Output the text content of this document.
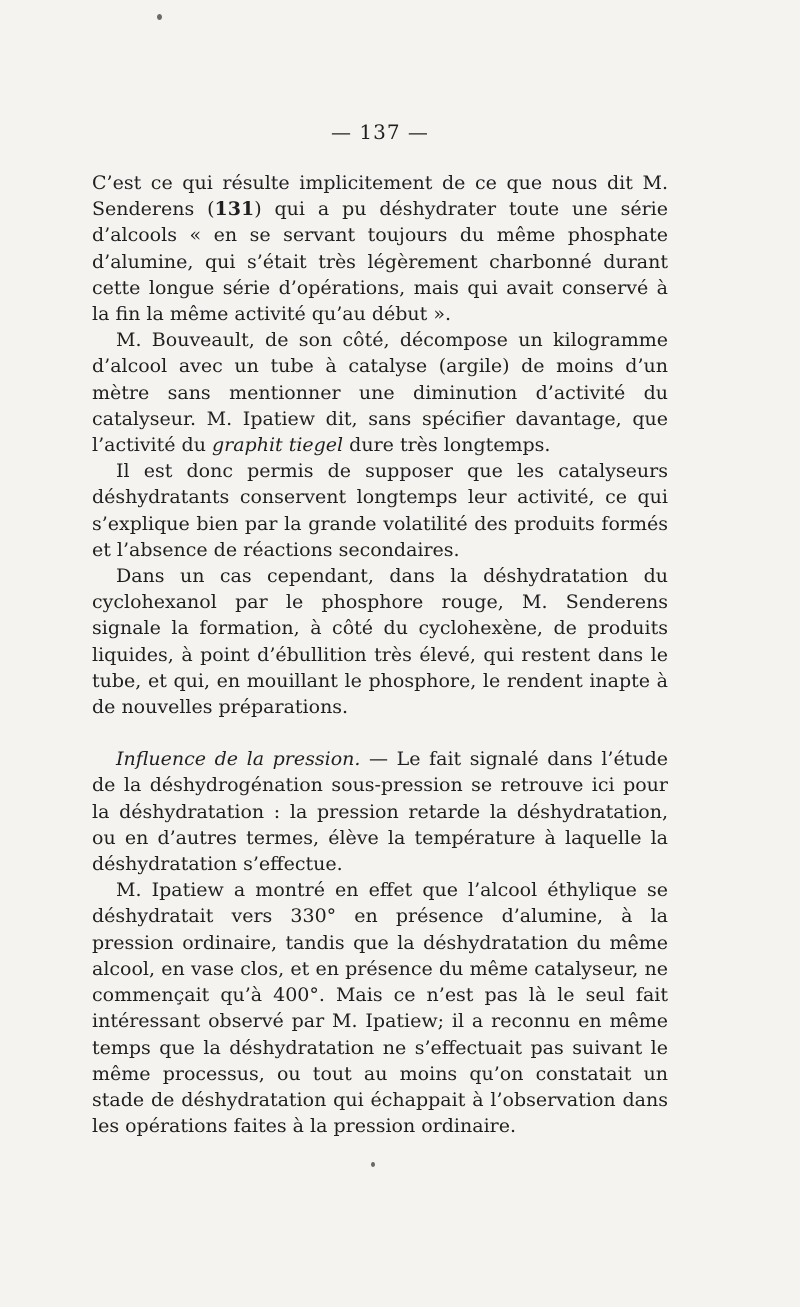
— 137 —

C’est ce qui résulte implicitement de ce que nous dit M. Senderens (131) qui a pu déshydrater toute une série d’alcools « en se servant toujours du même phosphate d’alumine, qui s’était très légèrement charbonné durant cette longue série d’opérations, mais qui avait conservé à la fin la même activité qu’au début ».

M. Bouveault, de son côté, décompose un kilogramme d’alcool avec un tube à catalyse (argile) de moins d’un mètre sans mentionner une diminution d’activité du catalyseur. M. Ipatiew dit, sans spécifier davantage, que l’activité du graphit tiegel dure très longtemps.

Il est donc permis de supposer que les catalyseurs déshydratants conservent longtemps leur activité, ce qui s’explique bien par la grande volatilité des produits formés et l’absence de réactions secondaires.

Dans un cas cependant, dans la déshydratation du cyclohexanol par le phosphore rouge, M. Senderens signale la formation, à côté du cyclohexène, de produits liquides, à point d’ébullition très élevé, qui restent dans le tube, et qui, en mouillant le phosphore, le rendent inapte à de nouvelles préparations.

Influence de la pression. — Le fait signalé dans l’étude de la déshydrogénation sous-pression se retrouve ici pour la déshydratation : la pression retarde la déshydratation, ou en d’autres termes, élève la température à laquelle la déshydratation s’effectue.

M. Ipatiew a montré en effet que l’alcool éthylique se déshydratait vers 330° en présence d’alumine, à la pression ordinaire, tandis que la déshydratation du même alcool, en vase clos, et en présence du même catalyseur, ne commençait qu’à 400°. Mais ce n’est pas là le seul fait intéressant observé par M. Ipatiew; il a reconnu en même temps que la déshydratation ne s’effectuait pas suivant le même processus, ou tout au moins qu’on constatait un stade de déshydratation qui échappait à l’observation dans les opérations faites à la pression ordinaire.
